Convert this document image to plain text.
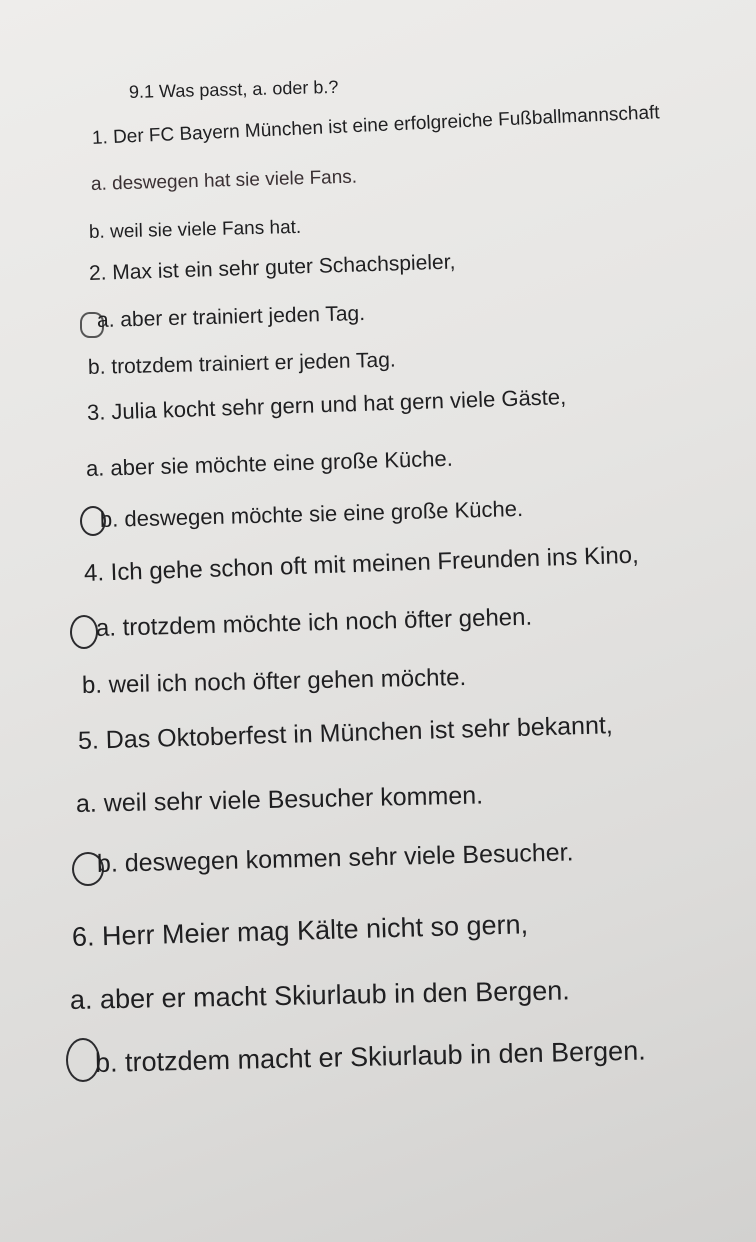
9.1 Was passt, a. oder b.?
1. Der FC Bayern München ist eine erfolgreiche Fußballmannschaft
a. deswegen hat sie viele Fans.
b. weil sie viele Fans hat.
2. Max ist ein sehr guter Schachspieler,
a. aber er trainiert jeden Tag.
b. trotzdem trainiert er jeden Tag.
3. Julia kocht sehr gern und hat gern viele Gäste,
a. aber sie möchte eine große Küche.
b. deswegen möchte sie eine große Küche.
4. Ich gehe schon oft mit meinen Freunden ins Kino,
a. trotzdem möchte ich noch öfter gehen.
b. weil ich noch öfter gehen möchte.
5. Das Oktoberfest in München ist sehr bekannt,
a. weil sehr viele Besucher kommen.
b. deswegen kommen sehr viele Besucher.
6. Herr Meier mag Kälte nicht so gern,
a. aber er macht Skiurlaub in den Bergen.
b. trotzdem macht er Skiurlaub in den Bergen.
